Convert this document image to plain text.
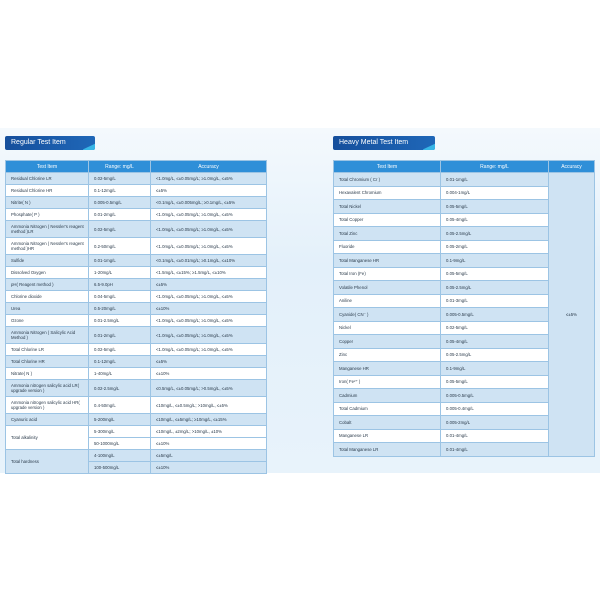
Regular Test Item	Heavy Metal Test Item
Test Item	Range: mg/L	Accuracy
Residual Chlorine LR	0.02-5mg/L	<1.0mg/L, ≤±0.05mg/L; ≥1.0mg/L, ≤±5%
Residual Chlorine HR	0.1-12mg/L	≤±5%
Nitrite( N )	0.005-0.5mg/L	<0.1mg/L, ≤±0.005mg/L; ≥0.1mg/L, ≤±5%
Phosphate( P )	0.01-2mg/L	<1.0mg/L, ≤±0.05mg/L; ≥1.0mg/L, ≤±5%
Ammonia Nitrogen ( Nessler's reagent method )LR	0.02-5mg/L	<1.0mg/L, ≤±0.05mg/L; ≥1.0mg/L, ≤±5%
Ammonia Nitrogen ( Nessler's reagent method )HR	0.2-50mg/L	<1.0mg/L, ≤±0.05mg/L; ≥1.0mg/L, ≤±5%
Sulfide	0.01-1mg/L	<0.1mg/L, ≤±0.01mg/L; ≥0.1mg/L, ≤±10%
Dissolved Oxygen	1-20mg/L	<1.5mg/L, ≤±15%; ≥1.5mg/L, ≤±10%
pH( Reagent method )	6.5-9.0pH	≤±5%
Chlorine dioxide	0.04-5mg/L	<1.0mg/L, ≤±0.05mg/L; ≥1.0mg/L, ≤±5%
Urea	0.5-20mg/L	≤±10%
Ozone	0.01-2.5mg/L	<1.0mg/L, ≤±0.05mg/L; ≥1.0mg/L, ≤±5%
Ammonia Nitrogen ( Salicylic Acid Method )	0.01-2mg/L	<1.0mg/L, ≤±0.05mg/L; ≥1.0mg/L, ≤±5%
Total Chlorine LR	0.02-5mg/L	<1.0mg/L, ≤±0.05mg/L; ≥1.0mg/L, ≤±5%
Total Chlorine HR	0.1-12mg/L	≤±5%
Nitrate( N )	1-40mg/L	≤±10%
Ammonia nitrogen salicylic acid LR( upgrade version )	0.02-2.5mg/L	≤0.5mg/L, ≤±0.05mg/L; >0.5mg/L, ≤±5%
Ammonia nitrogen salicylic acid HR( upgrade version )	0.4-50mg/L	≤10mg/L, ≤±0.5mg/L; >10mg/L, ≤±5%
Cyanuric acid	5-200mg/L	≤10mg/L, ≤±5mg/L; ≥10mg/L, ≤±15%
Total alkalinity	5-300mg/L	≤10mg/L, ±2mg/L; >10mg/L, ±10%
	50-1000mg/L	≤±10%
Total hardness	4-100mg/L	≤±5mg/L
	100-500mg/L	≤±10%
Test Item	Range: mg/L	Accuracy
Total Chromium ( Cr )	0.01-1mg/L	≤±5%
Hexavalent Chromium	0.004-1mg/L	
Total Nickel	0.05-5mg/L	
Total Copper	0.05-4mg/L	
Total Zinc	0.05-2.5mg/L	
Fluoride	0.05-2mg/L	
Total Manganese HR	0.1-9mg/L	
Total Iron (Fe)	0.05-5mg/L	
Volatile Phenol	0.05-2.5mg/L	
Aniline	0.01-3mg/L	
Cyanide( CN⁻ )	0.005-0.5mg/L	
Nickel	0.02-5mg/L	
Copper	0.05-4mg/L	
Zinc	0.05-2.5mg/L	
Manganese HR	0.1-9mg/L	
Iron( Fe²⁺ )	0.05-5mg/L	
Cadmium	0.005-0.5mg/L	
Total Cadmium	0.005-0.4mg/L	
Cobalt	0.005-2mg/L	
Manganese LR	0.01-4mg/L	
Total Manganese LR	0.01-4mg/L	
